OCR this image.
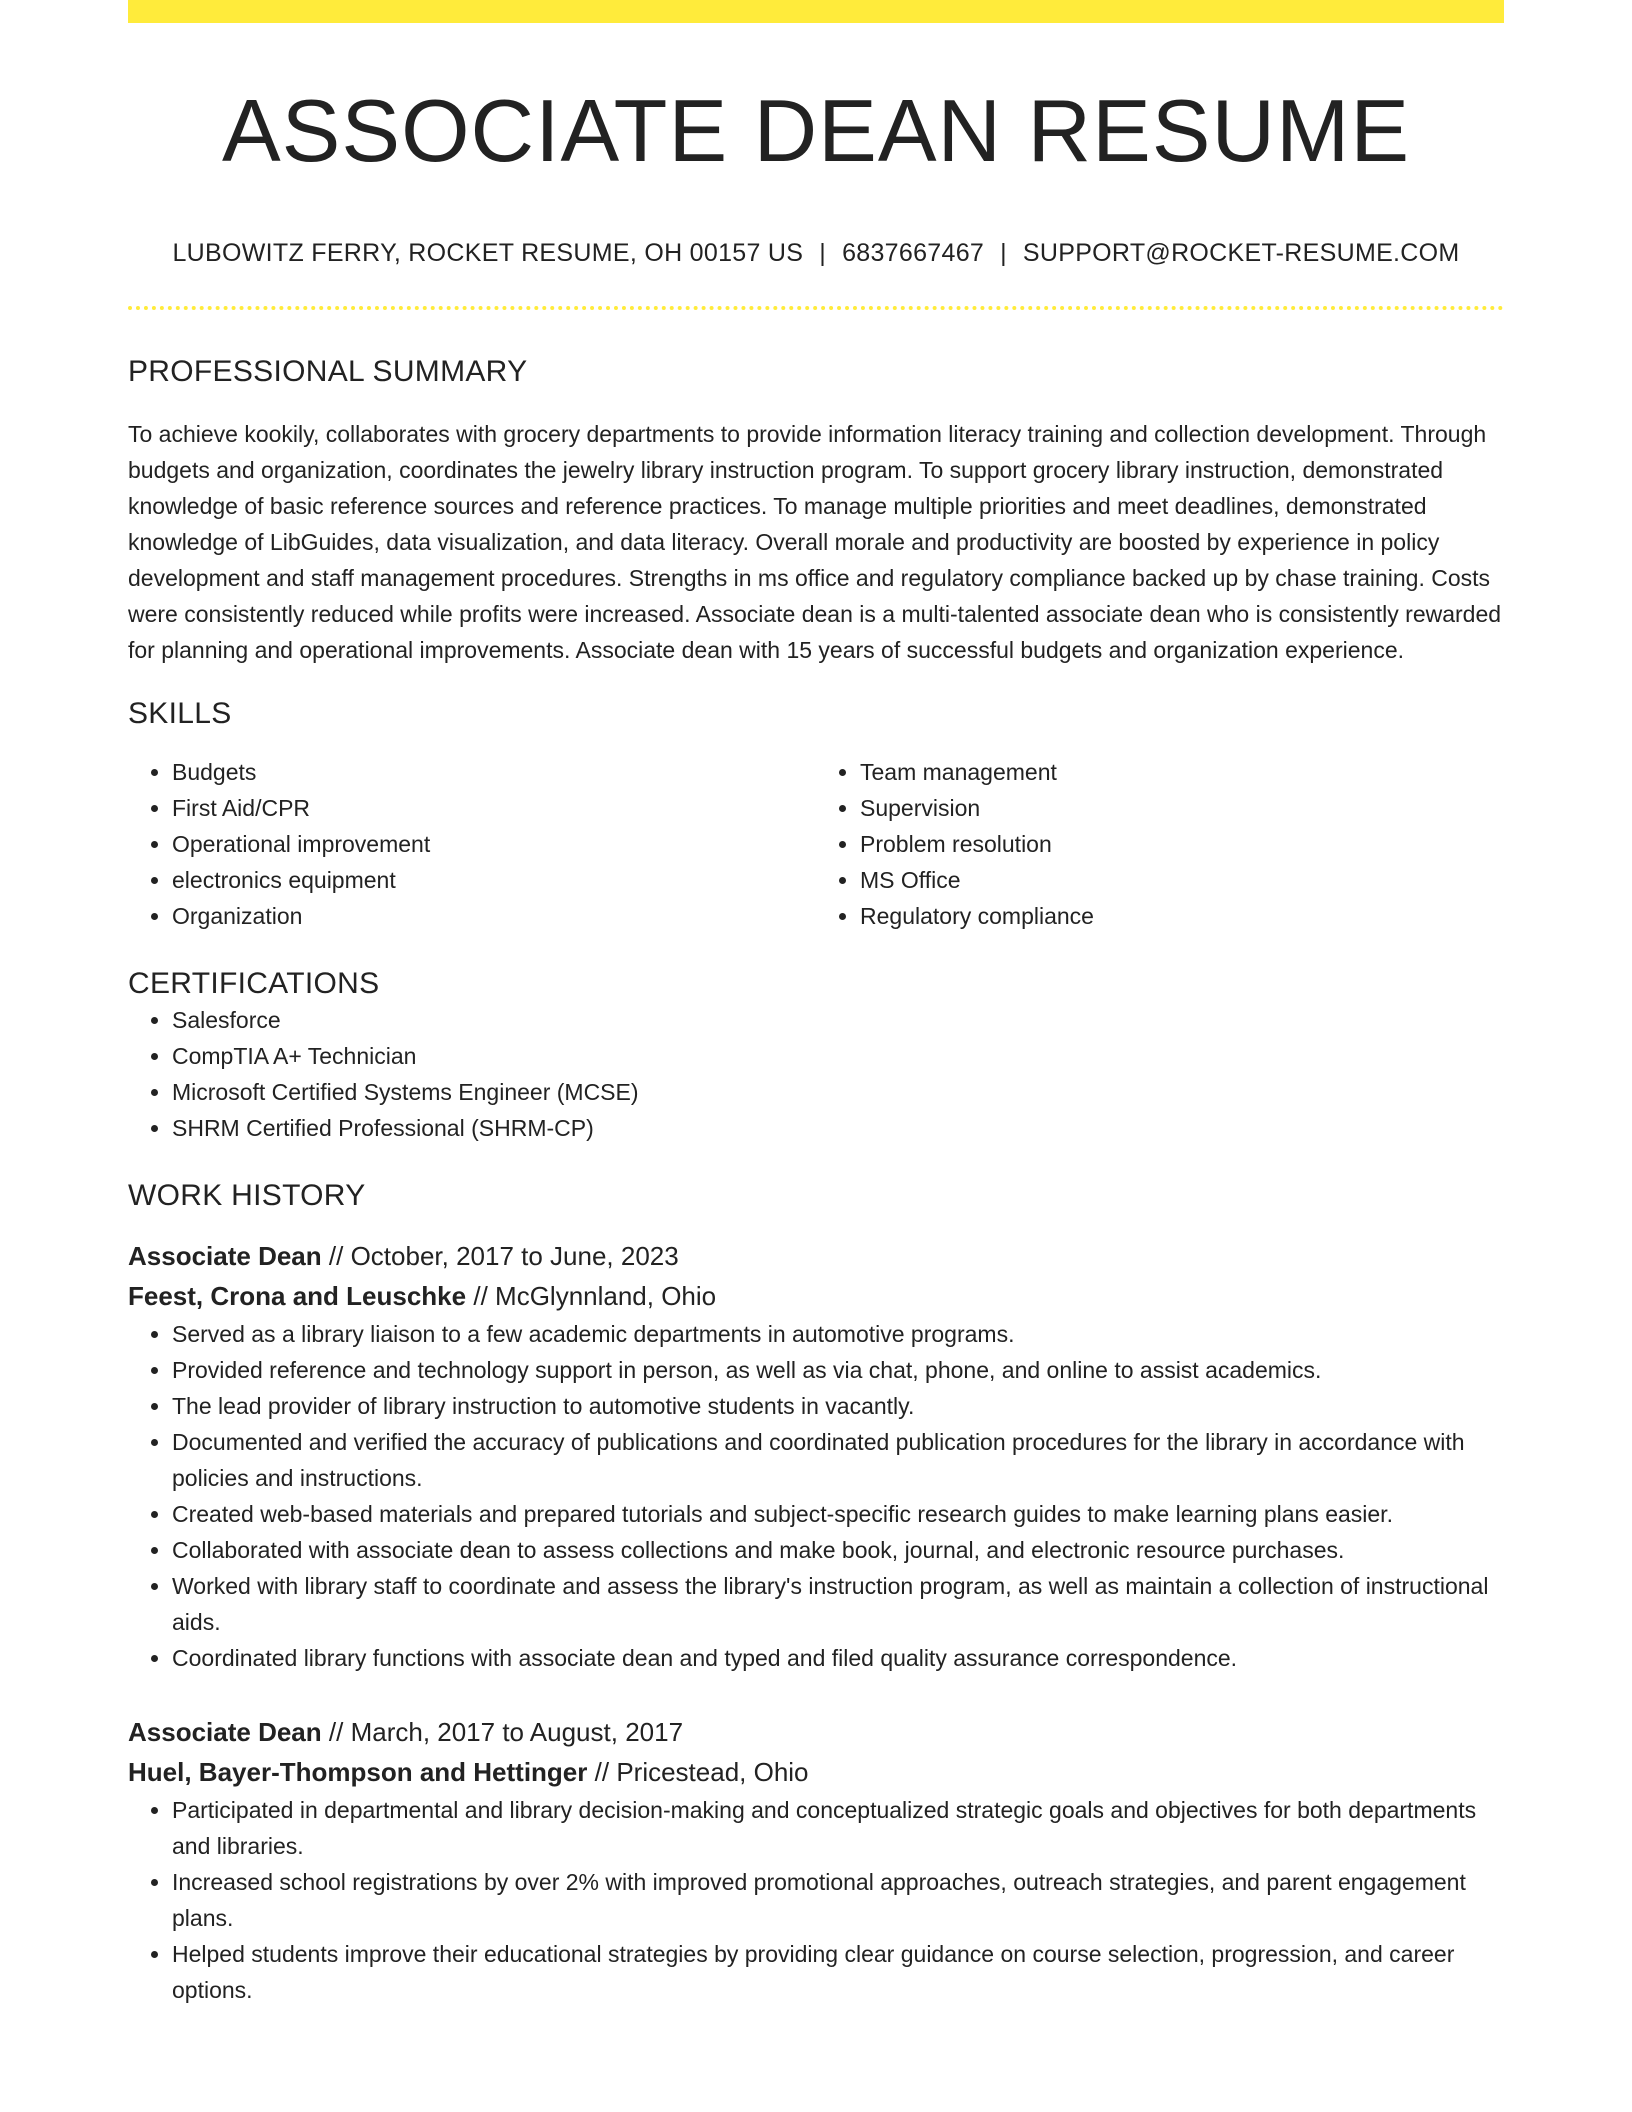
ASSOCIATE DEAN RESUME
LUBOWITZ FERRY, ROCKET RESUME, OH 00157 US | 6837667467 | SUPPORT@ROCKET-RESUME.COM
PROFESSIONAL SUMMARY

To achieve kookily, collaborates with grocery departments to provide information literacy training and collection development. Through budgets and organization, coordinates the jewelry library instruction program. To support grocery library instruction, demonstrated knowledge of basic reference sources and reference practices. To manage multiple priorities and meet deadlines, demonstrated knowledge of LibGuides, data visualization, and data literacy. Overall morale and productivity are boosted by experience in policy development and staff management procedures. Strengths in ms office and regulatory compliance backed up by chase training. Costs were consistently reduced while profits were increased. Associate dean is a multi-talented associate dean who is consistently rewarded for planning and operational improvements. Associate dean with 15 years of successful budgets and organization experience.

SKILLS
• Budgets
• First Aid/CPR
• Operational improvement
• electronics equipment
• Organization
• Team management
• Supervision
• Problem resolution
• MS Office
• Regulatory compliance
CERTIFICATIONS
• Salesforce
• CompTIA A+ Technician
• Microsoft Certified Systems Engineer (MCSE)
• SHRM Certified Professional (SHRM-CP)
WORK HISTORY
Associate Dean // October, 2017 to June, 2023
Feest, Crona and Leuschke // McGlynnland, Ohio
• Served as a library liaison to a few academic departments in automotive programs.
• Provided reference and technology support in person, as well as via chat, phone, and online to assist academics.
• The lead provider of library instruction to automotive students in vacantly.
• Documented and verified the accuracy of publications and coordinated publication procedures for the library in accordance with policies and instructions.
• Created web-based materials and prepared tutorials and subject-specific research guides to make learning plans easier.
• Collaborated with associate dean to assess collections and make book, journal, and electronic resource purchases.
• Worked with library staff to coordinate and assess the library's instruction program, as well as maintain a collection of instructional aids.
• Coordinated library functions with associate dean and typed and filed quality assurance correspondence.
Associate Dean // March, 2017 to August, 2017
Huel, Bayer-Thompson and Hettinger // Pricestead, Ohio
• Participated in departmental and library decision-making and conceptualized strategic goals and objectives for both departments and libraries.
• Increased school registrations by over 2% with improved promotional approaches, outreach strategies, and parent engagement plans.
• Helped students improve their educational strategies by providing clear guidance on course selection, progression, and career options.
